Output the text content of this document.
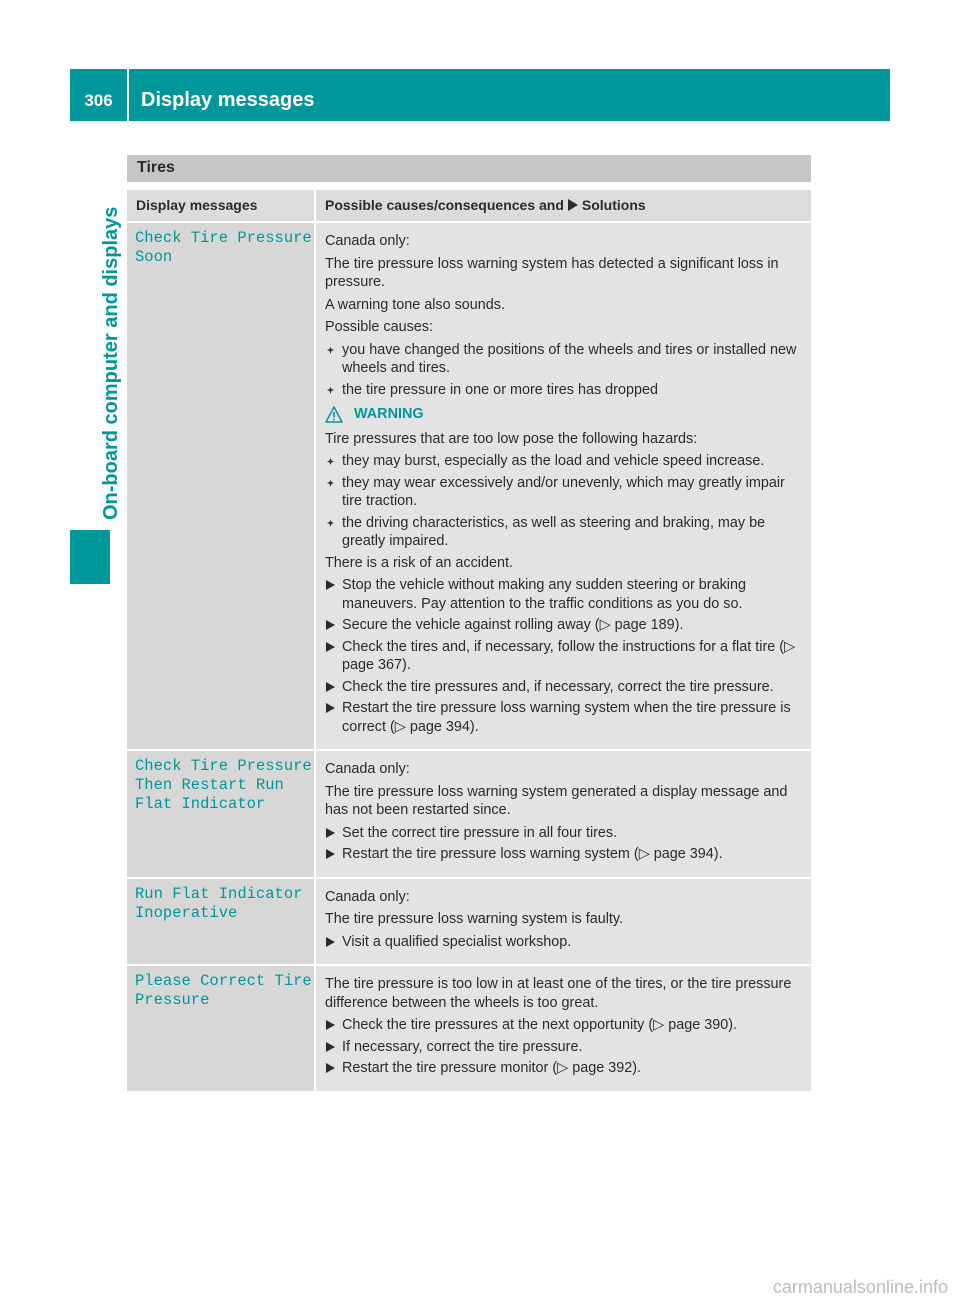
306	Display messages
On-board computer and displays
Tires
Display messages	Possible causes/consequences and Solutions
Check Tire Pressure
Soon

Canada only:

The tire pressure loss warning system has detected a significant loss in pressure.

A warning tone also sounds.

Possible causes:

you have changed the positions of the wheels and tires or installed new wheels and tires.
the tire pressure in one or more tires has dropped
WARNING

Tire pressures that are too low pose the following hazards:

they may burst, especially as the load and vehicle speed increase.
they may wear excessively and/or unevenly, which may greatly impair tire traction.
the driving characteristics, as well as steering and braking, may be greatly impaired.

There is a risk of an accident.

Stop the vehicle without making any sudden steering or braking maneuvers. Pay attention to the traffic conditions as you do so.
Secure the vehicle against rolling away (▷ page 189).
Check the tires and, if necessary, follow the instructions for a flat tire (▷ page 367).
Check the tire pressures and, if necessary, correct the tire pressure.
Restart the tire pressure loss warning system when the tire pressure is correct (▷ page 394).
Check Tire Pressure
Then Restart Run
Flat Indicator

Canada only:

The tire pressure loss warning system generated a display message and has not been restarted since.

Set the correct tire pressure in all four tires.
Restart the tire pressure loss warning system (▷ page 394).
Run Flat Indicator
Inoperative

Canada only:

The tire pressure loss warning system is faulty.

Visit a qualified specialist workshop.
Please Correct Tire
Pressure

The tire pressure is too low in at least one of the tires, or the tire pressure difference between the wheels is too great.

Check the tire pressures at the next opportunity (▷ page 390).
If necessary, correct the tire pressure.
Restart the tire pressure monitor (▷ page 392).
carmanualsonline.info
